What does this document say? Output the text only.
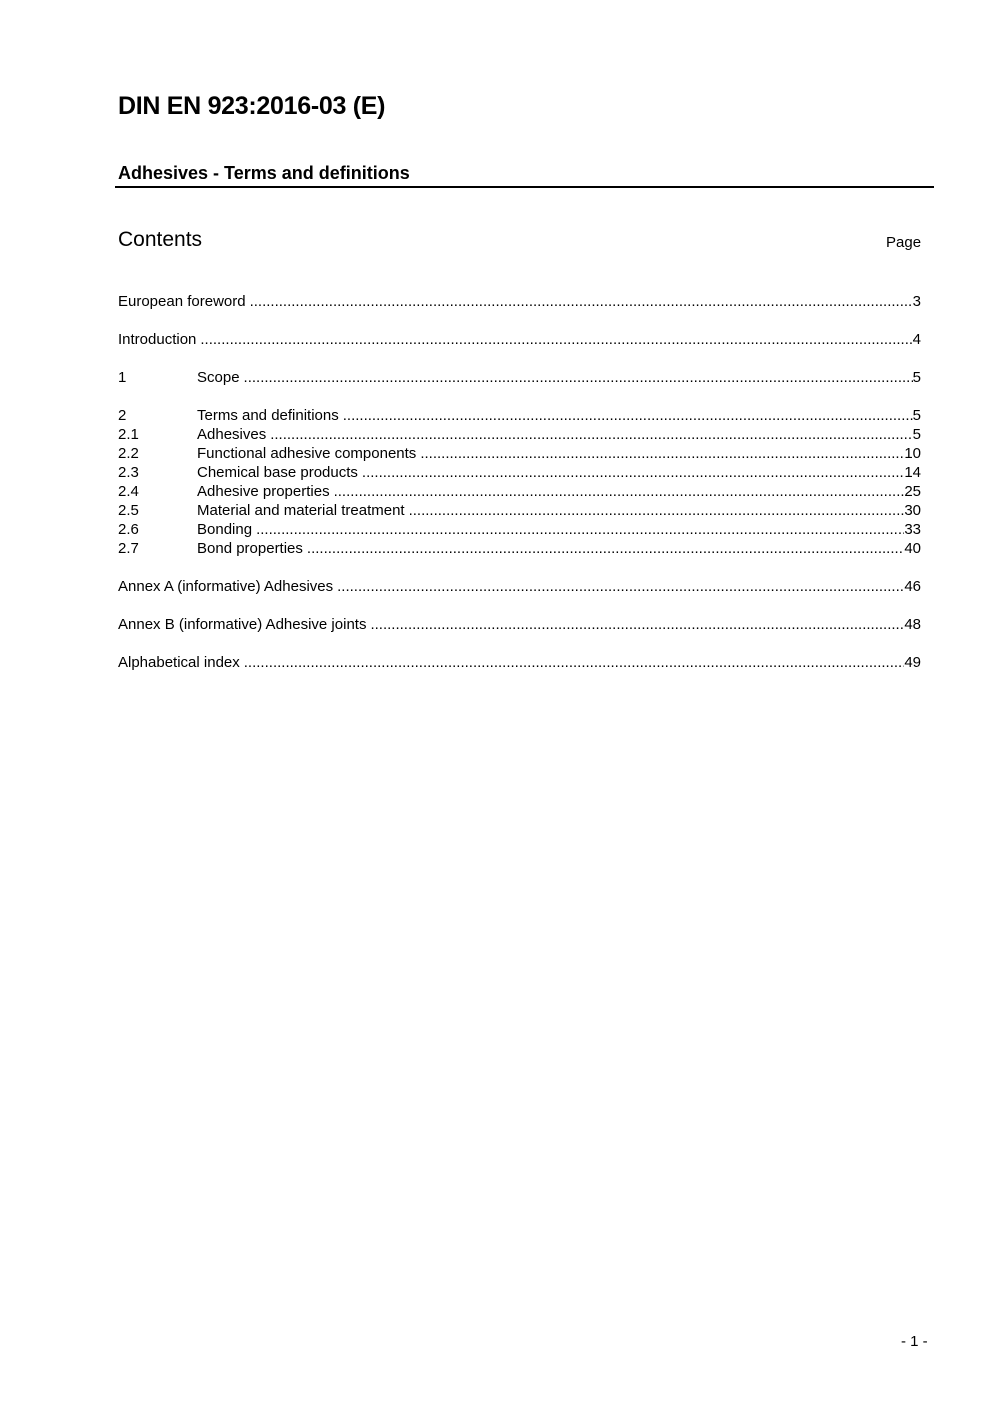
DIN EN 923:2016-03 (E)
Adhesives - Terms and definitions
Contents	Page
European foreword .....	3
Introduction .....	4
1	Scope .....	5
2	Terms and definitions .....	5
2.1	Adhesives .....	5
2.2	Functional adhesive components .....	10
2.3	Chemical base products .....	14
2.4	Adhesive properties .....	25
2.5	Material and material treatment .....	30
2.6	Bonding .....	33
2.7	Bond properties .....	40
Annex A (informative) Adhesives .....	46
Annex B (informative) Adhesive joints .....	48
Alphabetical index .....	49
- 1 -
